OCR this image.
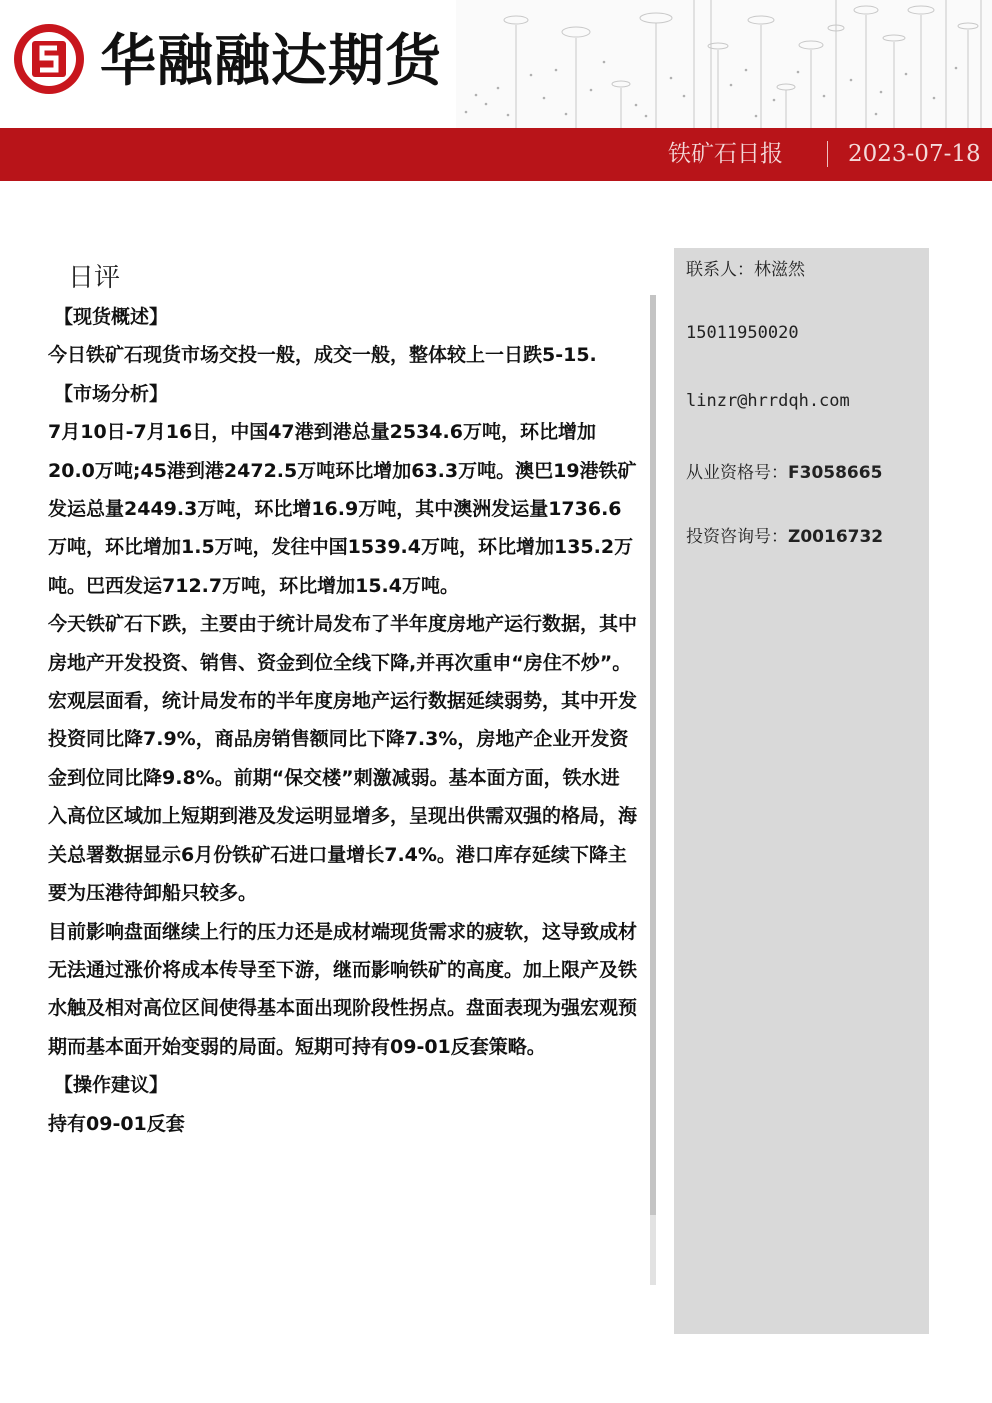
华融融达期货
铁矿石日报	2023-07-18
日评

【现货概述】

今日铁矿石现货市场交投一般，成交一般，整体较上一日跌5-15.

【市场分析】

7月10日-7月16日，中国47港到港总量2534.6万吨，环比增加20.0万吨;45港到港2472.5万吨环比增加63.3万吨。澳巴19港铁矿发运总量2449.3万吨，环比增16.9万吨，其中澳洲发运量1736.6万吨，环比增加1.5万吨，发往中国1539.4万吨，环比增加135.2万吨。巴西发运712.7万吨，环比增加15.4万吨。

今天铁矿石下跌，主要由于统计局发布了半年度房地产运行数据，其中房地产开发投资、销售、资金到位全线下降,并再次重申“房住不炒”。

宏观层面看，统计局发布的半年度房地产运行数据延续弱势，其中开发投资同比降7.9%，商品房销售额同比下降7.3%，房地产企业开发资金到位同比降9.8%。前期“保交楼”刺激减弱。基本面方面，铁水进入高位区域加上短期到港及发运明显增多，呈现出供需双强的格局，海关总署数据显示6月份铁矿石进口量增长7.4%。港口库存延续下降主要为压港待卸船只较多。

目前影响盘面继续上行的压力还是成材端现货需求的疲软，这导致成材无法通过涨价将成本传导至下游，继而影响铁矿的高度。加上限产及铁水触及相对高位区间使得基本面出现阶段性拐点。盘面表现为强宏观预期而基本面开始变弱的局面。短期可持有09-01反套策略。

【操作建议】

持有09-01反套

联系人：林滋然
15011950020
linzr@hrrdqh.com
从业资格号：F3058665
投资咨询号：Z0016732
